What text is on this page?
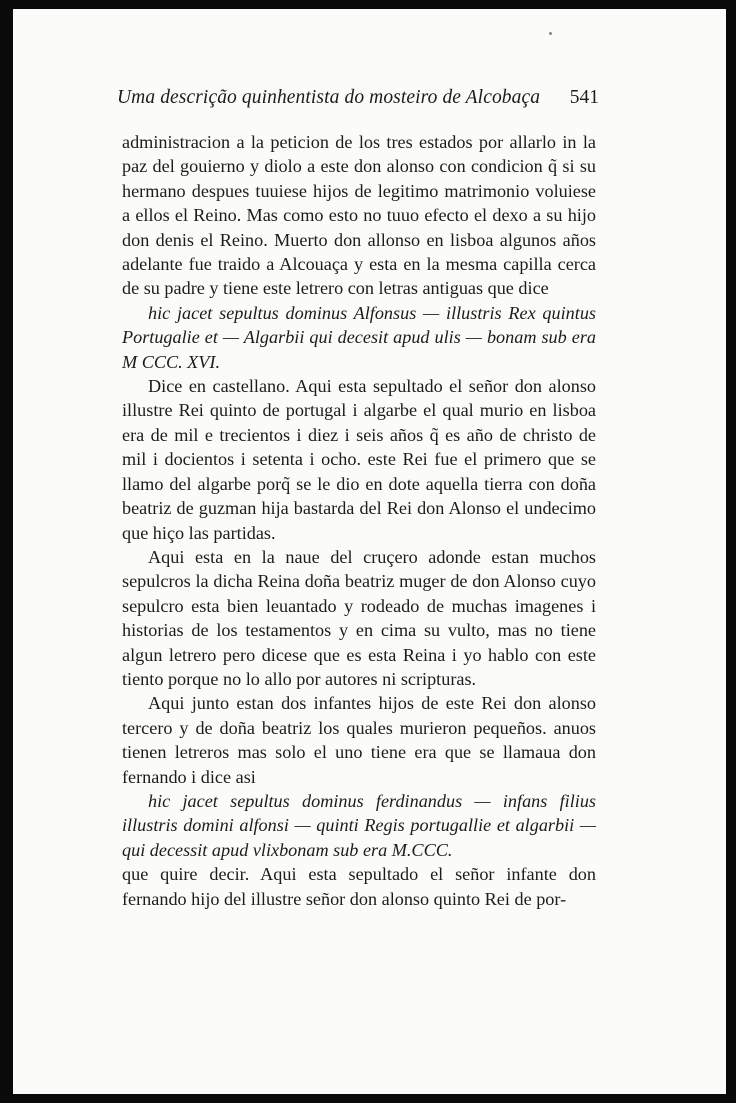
Uma descrição quinhentista do mosteiro de Alcobaça 541

administracion a la peticion de los tres estados por allarlo in la paz del gouierno y diolo a este don alonso con condicion q̃ si su hermano despues tuuiese hijos de legitimo matrimonio voluiese a ellos el Reino. Mas como esto no tuuo efecto el dexo a su hijo don denis el Reino. Muerto don allonso en lisboa algunos años adelante fue traido a Alcouaça y esta en la mesma capilla cerca de su padre y tiene este letrero con letras antiguas que dice

hic jacet sepultus dominus Alfonsus — illustris Rex quintus Portugalie et — Algarbii qui decesit apud ulis — bonam sub era M CCC. XVI.

Dice en castellano. Aqui esta sepultado el señor don alonso illustre Rei quinto de portugal i algarbe el qual murio en lisboa era de mil e trecientos i diez i seis años q̃ es año de christo de mil i docientos i setenta i ocho. este Rei fue el primero que se llamo del algarbe porq̃ se le dio en dote aquella tierra con doña beatriz de guzman hija bastarda del Rei don Alonso el undecimo que hiço las partidas.

Aqui esta en la naue del cruçero adonde estan muchos sepulcros la dicha Reina doña beatriz muger de don Alonso cuyo sepulcro esta bien leuantado y rodeado de muchas imagenes i historias de los testamentos y en cima su vulto, mas no tiene algun letrero pero dicese que es esta Reina i yo hablo con este tiento porque no lo allo por autores ni scripturas.

Aqui junto estan dos infantes hijos de este Rei don alonso tercero y de doña beatriz los quales murieron pequeños. anuos tienen letreros mas solo el uno tiene era que se llamaua don fernando i dice asi

hic jacet sepultus dominus ferdinandus — infans filius illustris domini alfonsi — quinti Regis portugallie et algarbii — qui decessit apud vlixbonam sub era M.CCC.

que quire decir. Aqui esta sepultado el señor infante don fernando hijo del illustre señor don alonso quinto Rei de por-
